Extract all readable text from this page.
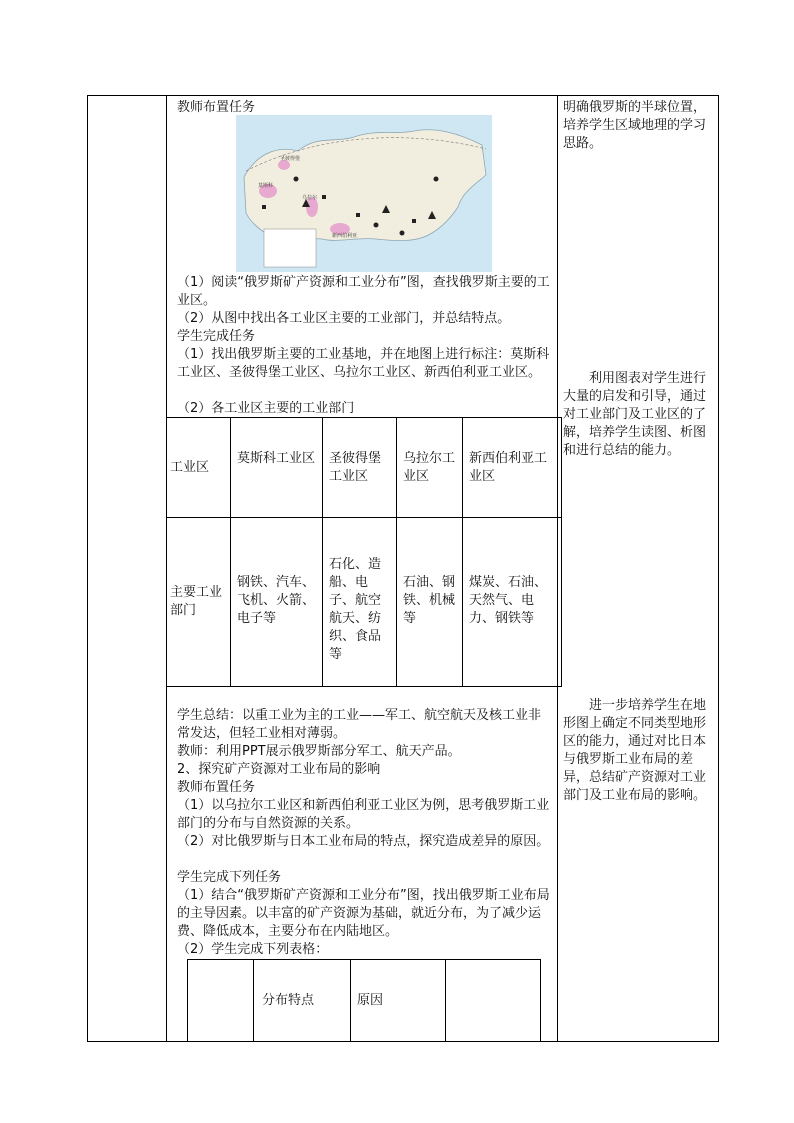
教师布置任务
莫斯科
圣彼得堡
乌拉尔
新西伯利亚
（1）阅读“俄罗斯矿产资源和工业分布”图，查找俄罗斯主要的工业区。
（2）从图中找出各工业区主要的工业部门，并总结特点。
学生完成任务
（1）找出俄罗斯主要的工业基地，并在地图上进行标注：莫斯科工业区、圣彼得堡工业区、乌拉尔工业区、新西伯利亚工业区。
（2）各工业区主要的工业部门
工业区
莫斯科工业区 圣彼得堡工业区
乌拉尔工业区
新西伯利亚工业区
主要工业部门
钢铁、汽车、飞机、火箭、电子等
石化、造船、电子、航空航天、纺织、食品等
石油、钢铁、机械等
煤炭、石油、天然气、电力、钢铁等
学生总结：以重工业为主的工业——军工、航空航天及核工业非常发达，但轻工业相对薄弱。
教师：利用PPT展示俄罗斯部分军工、航天产品。
2、探究矿产资源对工业布局的影响
教师布置任务
（1）以乌拉尔工业区和新西伯利亚工业区为例，思考俄罗斯工业部门的分布与自然资源的关系。
（2）对比俄罗斯与日本工业布局的特点，探究造成差异的原因。
学生完成下列任务
（1）结合“俄罗斯矿产资源和工业分布”图，找出俄罗斯工业布局的主导因素。以丰富的矿产资源为基础，就近分布，为了减少运费、降低成本，主要分布在内陆地区。
（2）学生完成下列表格：
分布特点	原因
明确俄罗斯的半球位置，培养学生区域地理的学习思路。
利用图表对学生进行大量的启发和引导，通过对工业部门及工业区的了解，培养学生读图、析图和进行总结的能力。
进一步培养学生在地形图上确定不同类型地形区的能力，通过对比日本与俄罗斯工业布局的差异，总结矿产资源对工业部门及工业布局的影响。
